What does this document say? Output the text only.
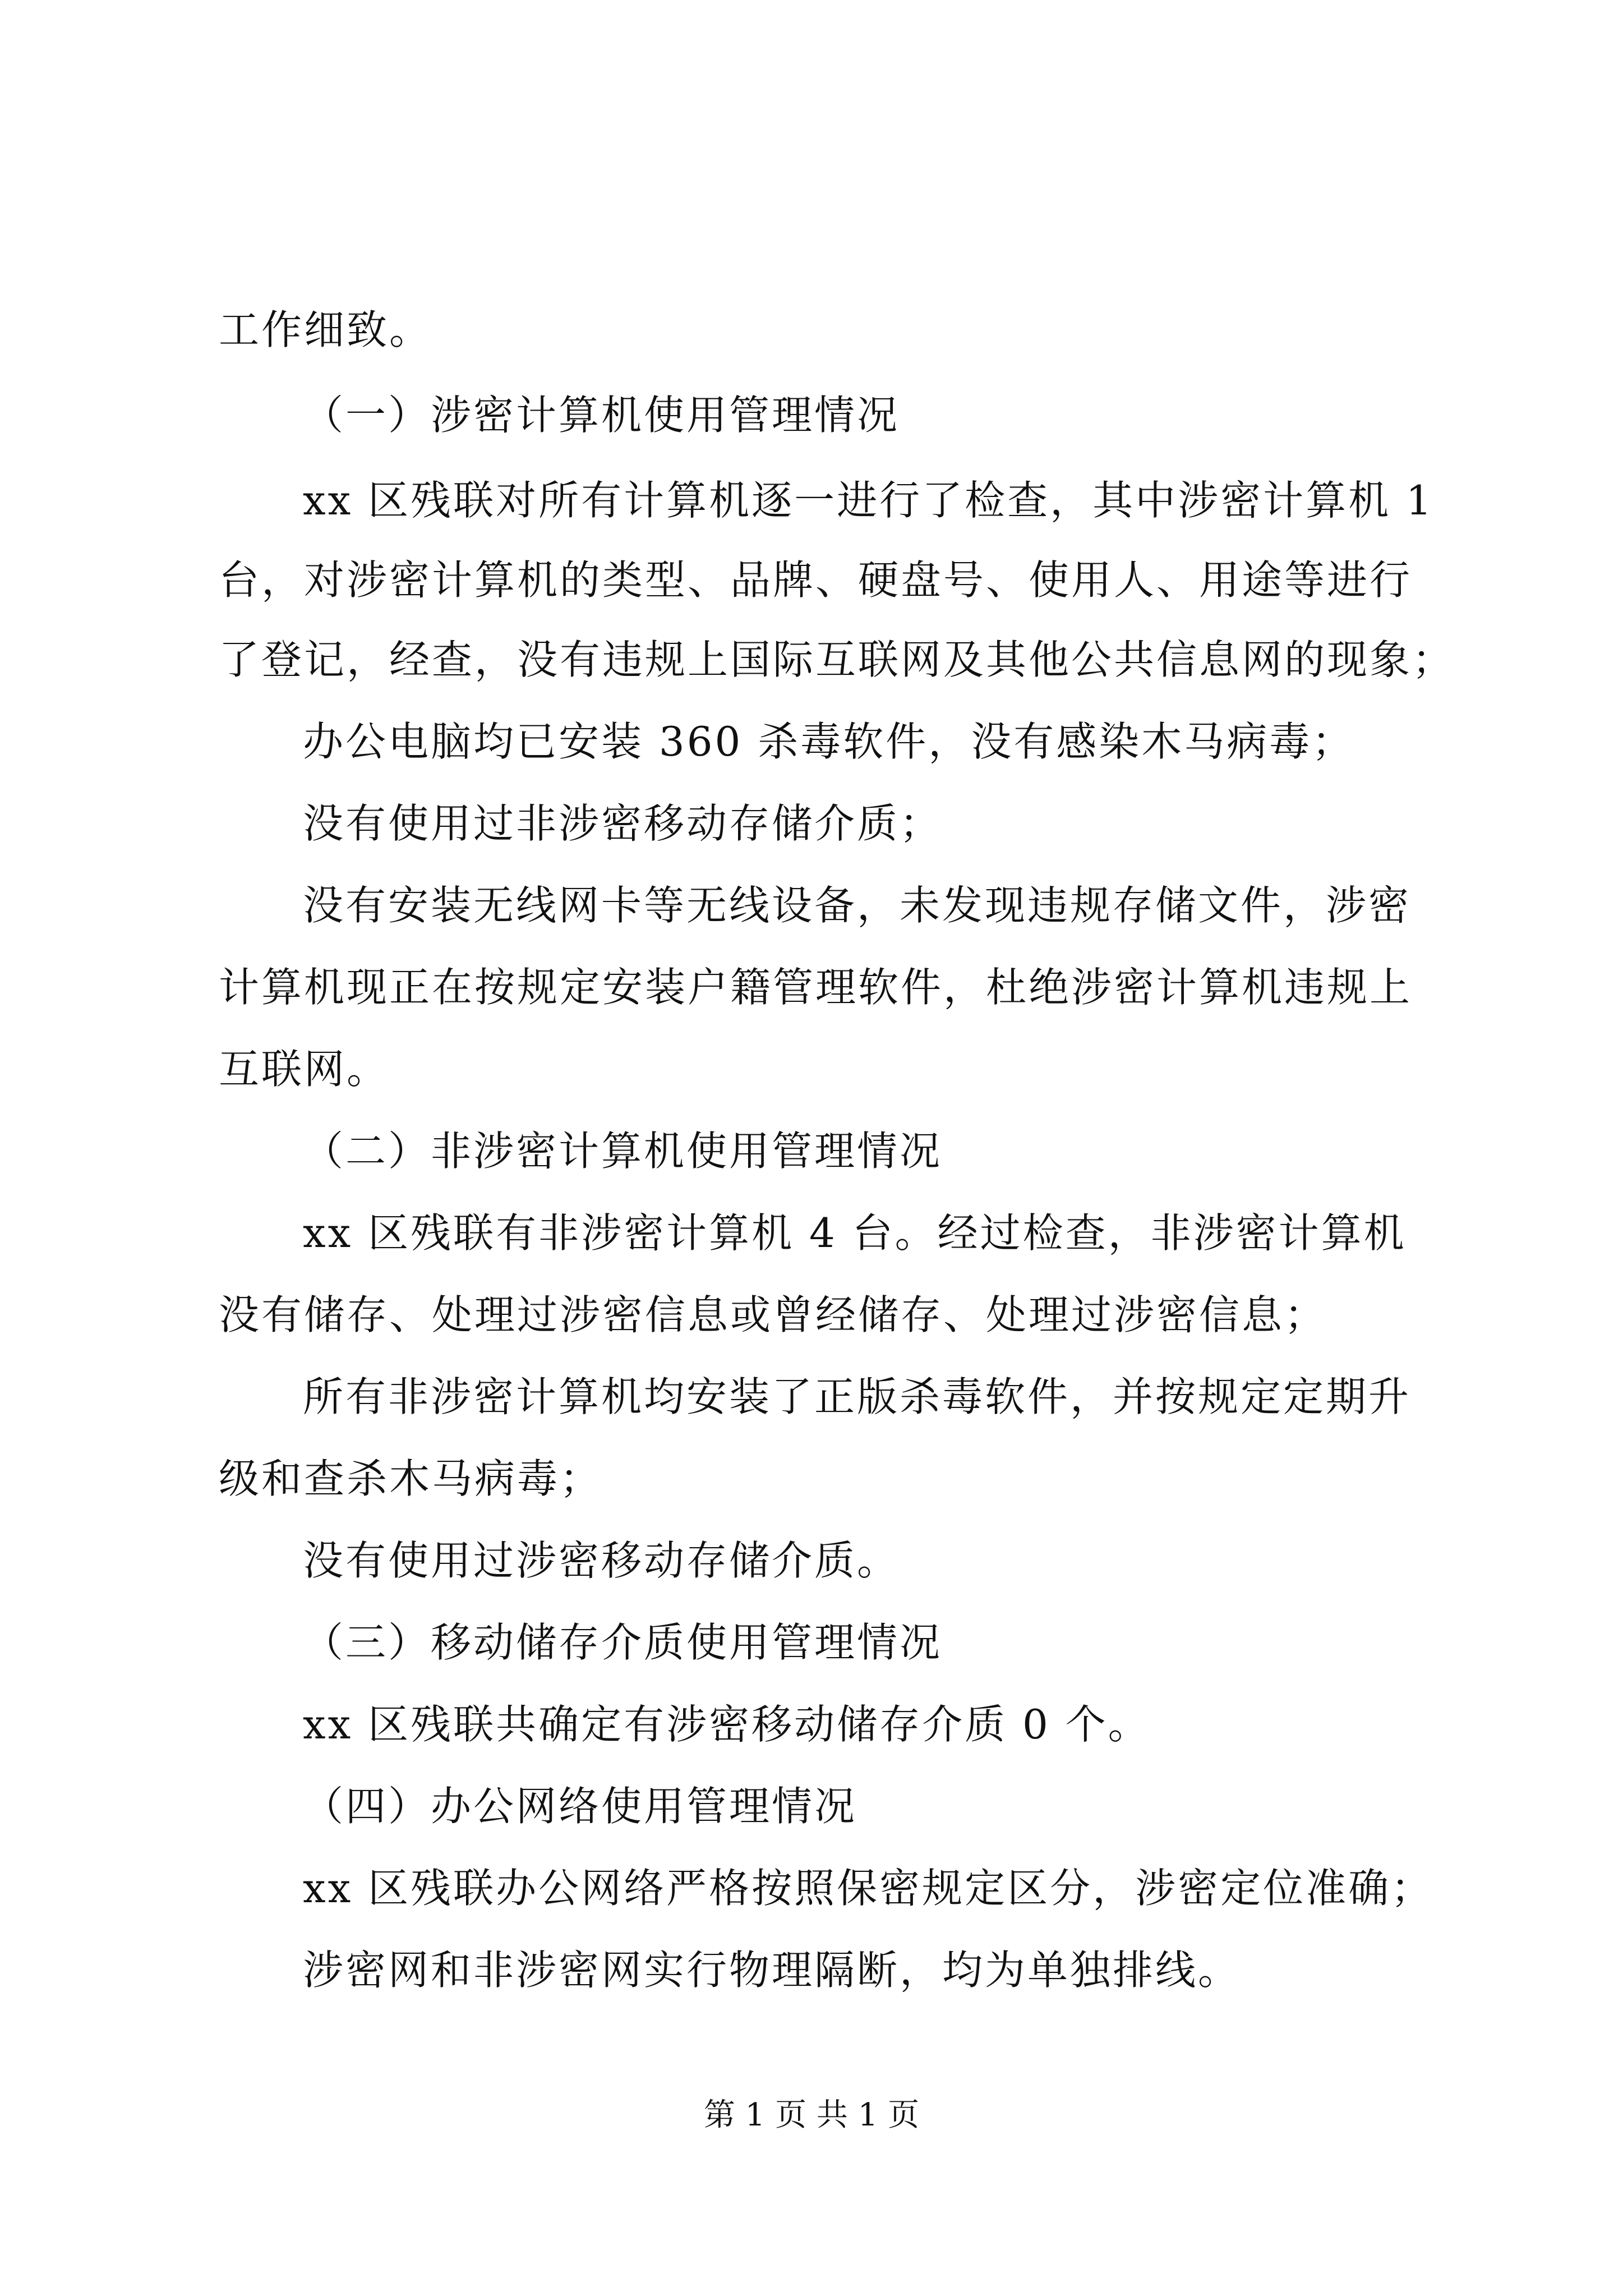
工作细致。
（一）涉密计算机使用管理情况
xx 区残联对所有计算机逐一进行了检查，其中涉密计算机 1
台，对涉密计算机的类型、品牌、硬盘号、使用人、用途等进行
了登记，经查，没有违规上国际互联网及其他公共信息网的现象；
办公电脑均已安装 360 杀毒软件，没有感染木马病毒；
没有使用过非涉密移动存储介质；
没有安装无线网卡等无线设备，未发现违规存储文件，涉密
计算机现正在按规定安装户籍管理软件，杜绝涉密计算机违规上
互联网。
（二）非涉密计算机使用管理情况
xx 区残联有非涉密计算机 4 台。经过检查，非涉密计算机
没有储存、处理过涉密信息或曾经储存、处理过涉密信息；
所有非涉密计算机均安装了正版杀毒软件，并按规定定期升
级和查杀木马病毒；
没有使用过涉密移动存储介质。
（三）移动储存介质使用管理情况
xx 区残联共确定有涉密移动储存介质 0 个。
（四）办公网络使用管理情况
xx 区残联办公网络严格按照保密规定区分，涉密定位准确；
涉密网和非涉密网实行物理隔断，均为单独排线。
第 1 页 共 1 页
